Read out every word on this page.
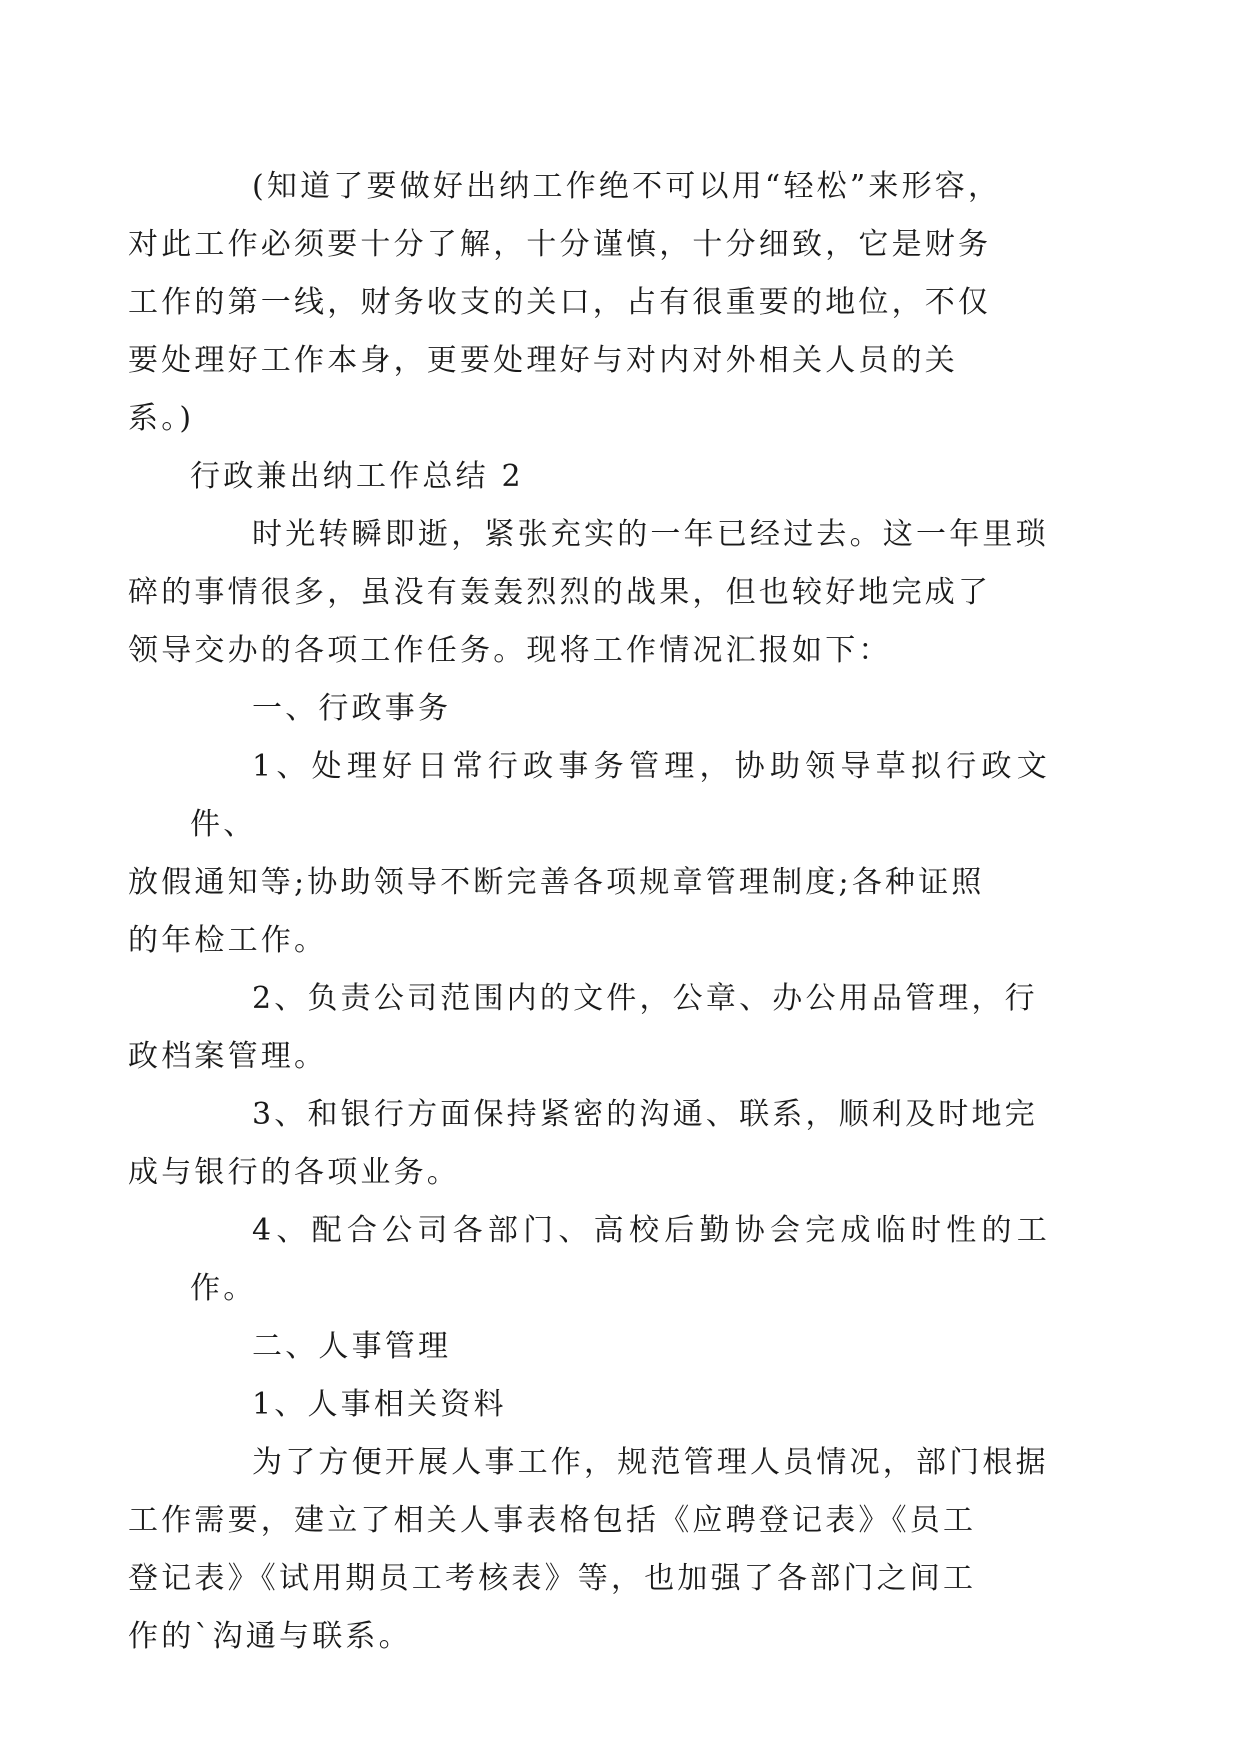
(知道了要做好出纳工作绝不可以用“轻松”来形容，
对此工作必须要十分了解，十分谨慎，十分细致，它是财务
工作的第一线，财务收支的关口，占有很重要的地位，不仅
要处理好工作本身，更要处理好与对内对外相关人员的关
系。)

行政兼出纳工作总结 2

时光转瞬即逝，紧张充实的一年已经过去。这一年里琐
碎的事情很多，虽没有轰轰烈烈的战果，但也较好地完成了
领导交办的各项工作任务。现将工作情况汇报如下：

一、行政事务

1、处理好日常行政事务管理，协助领导草拟行政文件、
放假通知等;协助领导不断完善各项规章管理制度;各种证照
的年检工作。

2、负责公司范围内的文件，公章、办公用品管理，行
政档案管理。

3、和银行方面保持紧密的沟通、联系，顺利及时地完
成与银行的各项业务。

4、配合公司各部门、高校后勤协会完成临时性的工作。

二、人事管理

1、人事相关资料

为了方便开展人事工作，规范管理人员情况，部门根据
工作需要，建立了相关人事表格包括《应聘登记表》《员工
登记表》《试用期员工考核表》等，也加强了各部门之间工
作的`沟通与联系。
